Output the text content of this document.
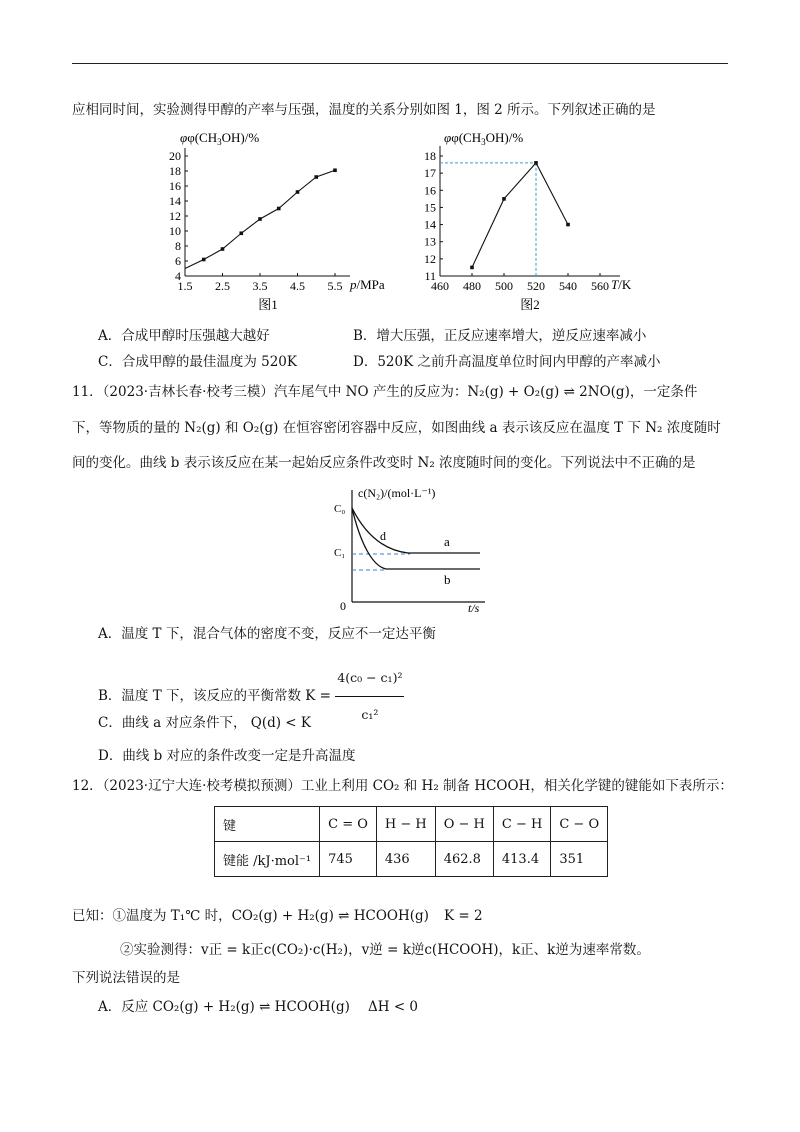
应相同时间，实验测得甲醇的产率与压强，温度的关系分别如图 1，图 2 所示。下列叙述正确的是
$\varphi\varphi(CH_3OH)/\%$
4
6
8
10
12
14
16
18
20
1.5 2.5 3.5 4.5 5.5 p/MPa
图1
$\varphi\varphi(CH_3OH)/\%$
11
12
13
14
15
16
17
18
460 480 500 520 540 560 T/K
图2
A．合成甲醇时压强越大越好	B．增大压强，正反应速率增大，逆反应速率减小
C．合成甲醇的最佳温度为 520K	D．520K 之前升高温度单位时间内甲醇的产率减小
11．（2023·吉林长春·校考三模）汽车尾气中 NO 产生的反应为：N₂(g) + O₂(g) ⇌ 2NO(g)，一定条件
下，等物质的量的 N₂(g) 和 O₂(g) 在恒容密闭容器中反应，如图曲线 a 表示该反应在温度 T 下 N₂ 浓度随时
间的变化。曲线 b 表示该反应在某一起始反应条件改变时 N₂ 浓度随时间的变化。下列说法中不正确的是
c(N₂)/(mol·L⁻¹)
C₀
C₁
0	t/s
d	a
b
A．温度 T 下，混合气体的密度不变，反应不一定达平衡
B．温度 T 下，该反应的平衡常数 $K = \frac{\text{4(c₀ − c₁)²}}{\text{c₁²}}$
C．曲线 a 对应条件下， Q(d) < K
D．曲线 b 对应的条件改变一定是升高温度
12．（2023·辽宁大连·校考模拟预测）工业上利用 CO₂ 和 H₂ 制备 HCOOH，相关化学键的键能如下表所示：
键	C = O	H − H	O − H	C − H	C − O
键能 /kJ·mol⁻¹	745	436	462.8	413.4	351
已知：①温度为 T₁℃ 时，CO₂(g) + H₂(g) ⇌ HCOOH(g) K = 2
②实验测得：v正 = k正c(CO₂)·c(H₂)，v逆 = k逆c(HCOOH)，k正、k逆为速率常数。
下列说法错误的是
A．反应 CO₂(g) + H₂(g) ⇌ HCOOH(g) ΔH < 0
